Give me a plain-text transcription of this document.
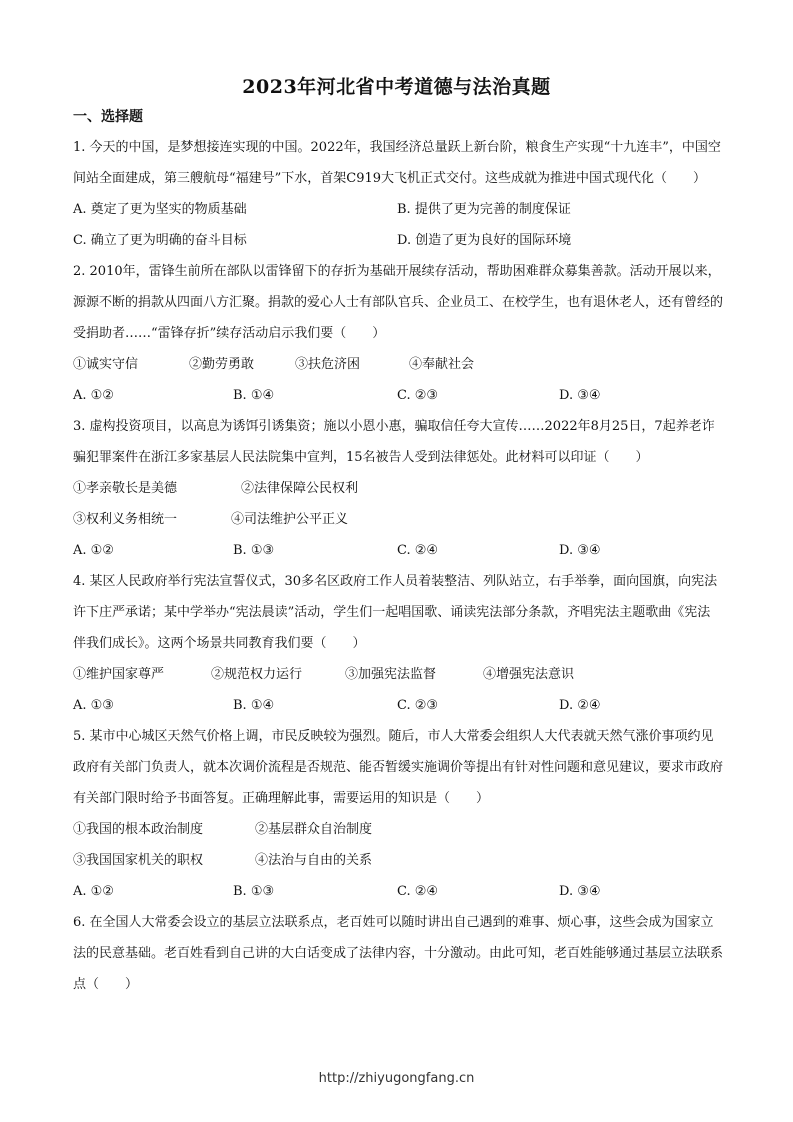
2023年河北省中考道德与法治真题
一、选择题

1. 今天的中国，是梦想接连实现的中国。2022年，我国经济总量跃上新台阶，粮食生产实现“十九连丰”，中国空间站全面建成，第三艘航母“福建号”下水，首架C919大飞机正式交付。这些成就为推进中国式现代化（　　）

A. 奠定了更为坚实的物质基础	B. 提供了更为完善的制度保证
C. 确立了更为明确的奋斗目标	D. 创造了更为良好的国际环境

2. 2010年，雷锋生前所在部队以雷锋留下的存折为基础开展续存活动，帮助困难群众募集善款。活动开展以来，源源不断的捐款从四面八方汇聚。捐款的爱心人士有部队官兵、企业员工、在校学生，也有退休老人，还有曾经的受捐助者……“雷锋存折”续存活动启示我们要（　　）

①诚实守信	②勤劳勇敢	③扶危济困	④奉献社会
A. ①②	B. ①④	C. ②③	D. ③④

3. 虚构投资项目，以高息为诱饵引诱集资；施以小恩小惠，骗取信任夸大宣传……2022年8月25日，7起养老诈骗犯罪案件在浙江多家基层人民法院集中宣判，15名被告人受到法律惩处。此材料可以印证（　　）

①孝亲敬长是美德	②法律保障公民权利
③权利义务相统一	④司法维护公平正义
A. ①②	B. ①③	C. ②④	D. ③④

4. 某区人民政府举行宪法宣誓仪式，30多名区政府工作人员着装整洁、列队站立，右手举拳，面向国旗，向宪法许下庄严承诺；某中学举办“宪法晨读”活动，学生们一起唱国歌、诵读宪法部分条款，齐唱宪法主题歌曲《宪法伴我们成长》。这两个场景共同教育我们要（　　）

①维护国家尊严	②规范权力运行	③加强宪法监督	④增强宪法意识
A. ①③	B. ①④	C. ②③	D. ②④

5. 某市中心城区天然气价格上调，市民反映较为强烈。随后，市人大常委会组织人大代表就天然气涨价事项约见政府有关部门负责人，就本次调价流程是否规范、能否暂缓实施调价等提出有针对性问题和意见建议，要求市政府有关部门限时给予书面答复。正确理解此事，需要运用的知识是（　　）

①我国的根本政治制度	②基层群众自治制度
③我国国家机关的职权	④法治与自由的关系
A. ①②	B. ①③	C. ②④	D. ③④

6. 在全国人大常委会设立的基层立法联系点，老百姓可以随时讲出自己遇到的难事、烦心事，这些会成为国家立法的民意基础。老百姓看到自己讲的大白话变成了法律内容，十分激动。由此可知，老百姓能够通过基层立法联系点（　　）

http://zhiyugongfang.cn
